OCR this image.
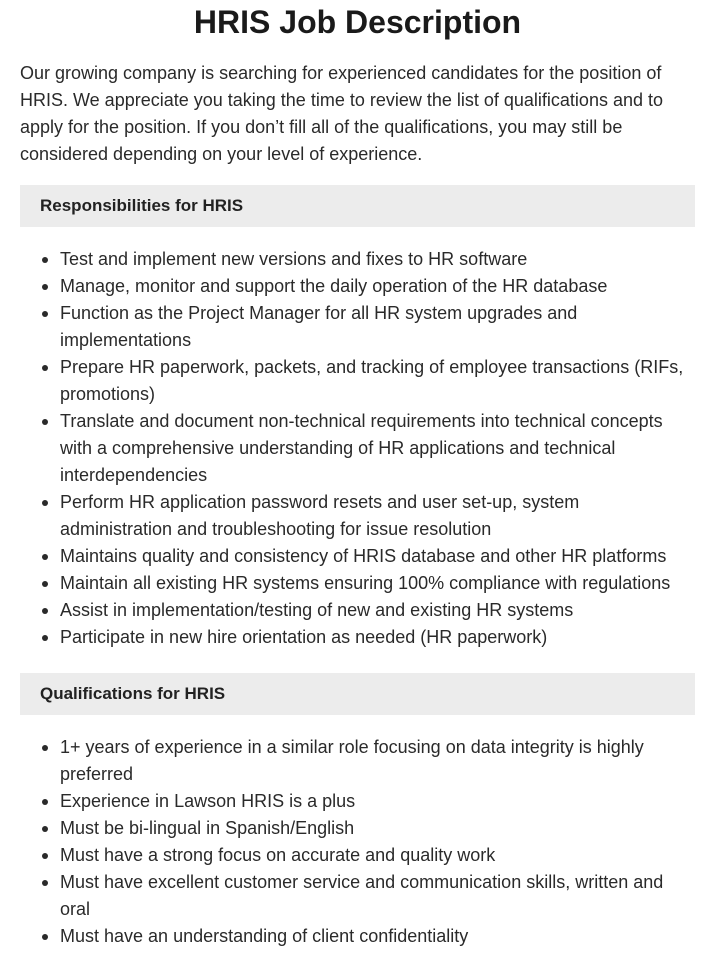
HRIS Job Description

Our growing company is searching for experienced candidates for the position of HRIS. We appreciate you taking the time to review the list of qualifications and to apply for the position. If you don’t fill all of the qualifications, you may still be considered depending on your level of experience.

Responsibilities for HRIS
Test and implement new versions and fixes to HR software
Manage, monitor and support the daily operation of the HR database
Function as the Project Manager for all HR system upgrades and implementations
Prepare HR paperwork, packets, and tracking of employee transactions (RIFs, promotions)
Translate and document non-technical requirements into technical concepts with a comprehensive understanding of HR applications and technical interdependencies
Perform HR application password resets and user set-up, system administration and troubleshooting for issue resolution
Maintains quality and consistency of HRIS database and other HR platforms
Maintain all existing HR systems ensuring 100% compliance with regulations
Assist in implementation/testing of new and existing HR systems
Participate in new hire orientation as needed (HR paperwork)
Qualifications for HRIS
1+ years of experience in a similar role focusing on data integrity is highly preferred
Experience in Lawson HRIS is a plus
Must be bi-lingual in Spanish/English
Must have a strong focus on accurate and quality work
Must have excellent customer service and communication skills, written and oral
Must have an understanding of client confidentiality
